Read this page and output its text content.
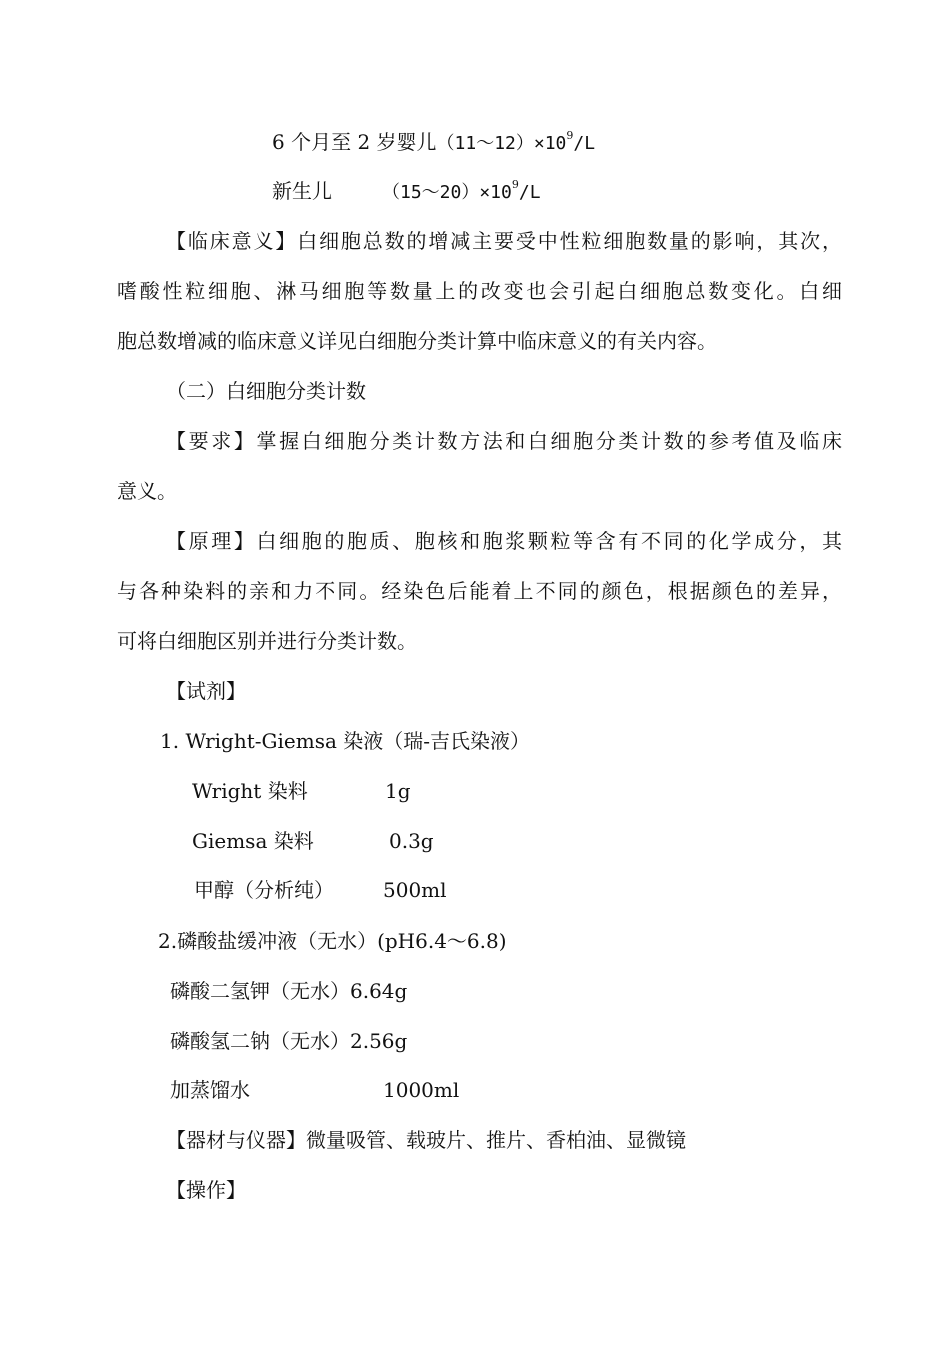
6 个月至 2 岁婴儿$(11\sim 12)\times 10^9/L$
新生儿	$(15\sim 20)\times 10^9/L$
【临床意义】白细胞总数的增减主要受中性粒细胞数量的影响，其次，
嗜酸性粒细胞、淋马细胞等数量上的改变也会引起白细胞总数变化。白细
胞总数增减的临床意义详见白细胞分类计算中临床意义的有关内容。
（二）白细胞分类计数
【要求】掌握白细胞分类计数方法和白细胞分类计数的参考值及临床
意义。
【原理】白细胞的胞质、胞核和胞浆颗粒等含有不同的化学成分，其
与各种染料的亲和力不同。经染色后能着上不同的颜色，根据颜色的差异，
可将白细胞区别并进行分类计数。
【试剂】
1. Wright-Giemsa 染液（瑞-吉氏染液）
Wright 染料	1g
Giemsa 染料	0.3g
甲醇（分析纯） 500ml
2.磷酸盐缓冲液（无水）(pH6.4～6.8)
磷酸二氢钾（无水）6.64g
磷酸氢二钠（无水）2.56g
加蒸馏水	1000ml
【器材与仪器】微量吸管、载玻片、推片、香柏油、显微镜
【操作】
